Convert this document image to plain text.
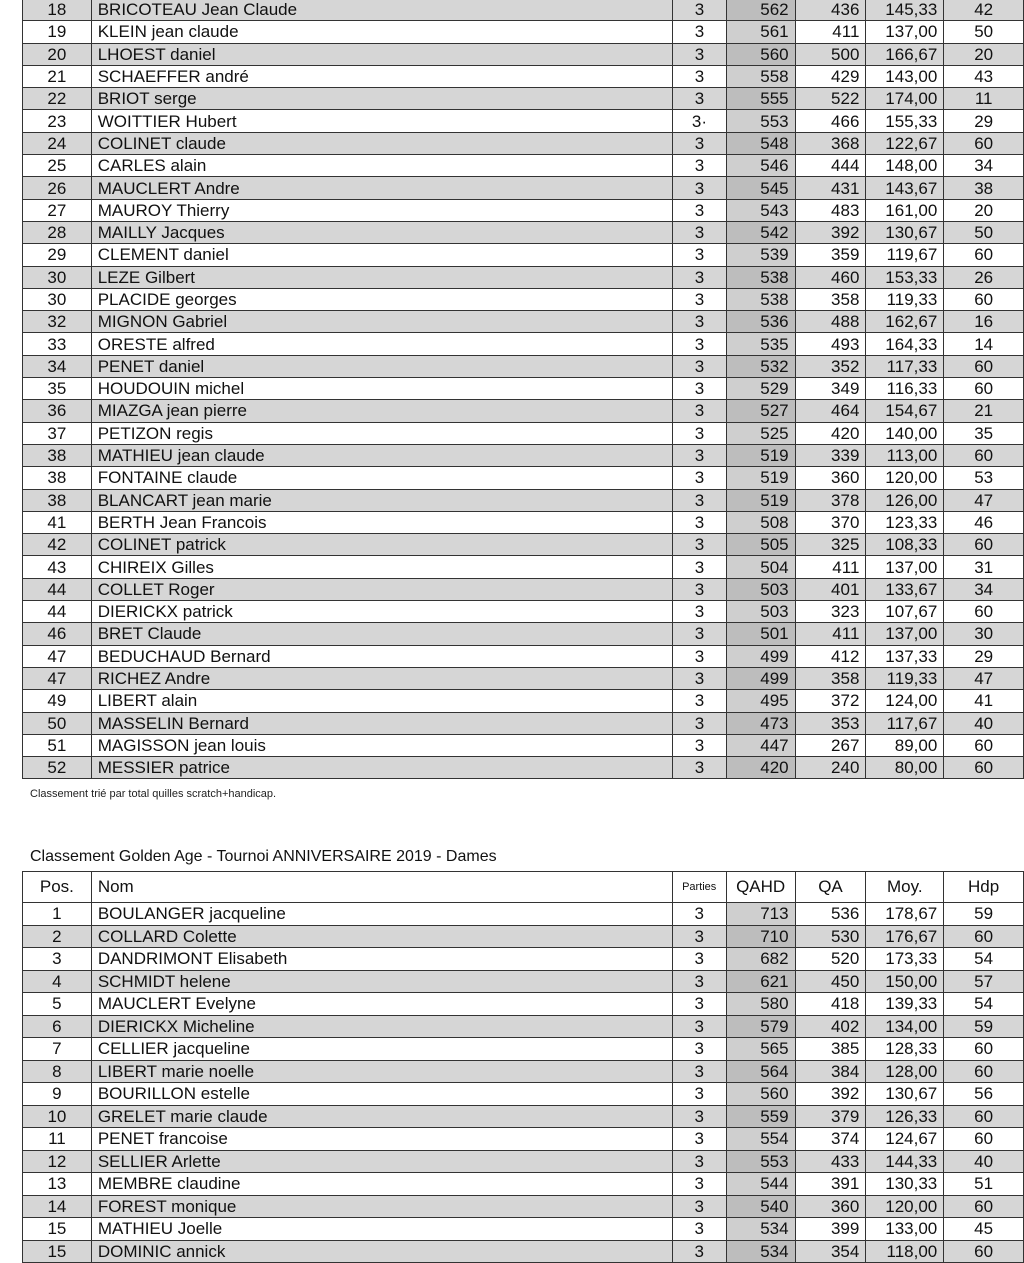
18	BRICOTEAU Jean Claude	3	562	436	145,33	42
19	KLEIN jean claude	3	561	411	137,00	50
20	LHOEST daniel	3	560	500	166,67	20
21	SCHAEFFER andré	3	558	429	143,00	43
22	BRIOT serge	3	555	522	174,00	11
23	WOITTIER Hubert	3·	553	466	155,33	29
24	COLINET claude	3	548	368	122,67	60
25	CARLES alain	3	546	444	148,00	34
26	MAUCLERT Andre	3	545	431	143,67	38
27	MAUROY Thierry	3	543	483	161,00	20
28	MAILLY Jacques	3	542	392	130,67	50
29	CLEMENT daniel	3	539	359	119,67	60
30	LEZE Gilbert	3	538	460	153,33	26
30	PLACIDE georges	3	538	358	119,33	60
32	MIGNON Gabriel	3	536	488	162,67	16
33	ORESTE alfred	3	535	493	164,33	14
34	PENET daniel	3	532	352	117,33	60
35	HOUDOUIN michel	3	529	349	116,33	60
36	MIAZGA jean pierre	3	527	464	154,67	21
37	PETIZON regis	3	525	420	140,00	35
38	MATHIEU jean claude	3	519	339	113,00	60
38	FONTAINE claude	3	519	360	120,00	53
38	BLANCART jean marie	3	519	378	126,00	47
41	BERTH Jean Francois	3	508	370	123,33	46
42	COLINET patrick	3	505	325	108,33	60
43	CHIREIX Gilles	3	504	411	137,00	31
44	COLLET Roger	3	503	401	133,67	34
44	DIERICKX patrick	3	503	323	107,67	60
46	BRET Claude	3	501	411	137,00	30
47	BEDUCHAUD Bernard	3	499	412	137,33	29
47	RICHEZ Andre	3	499	358	119,33	47
49	LIBERT alain	3	495	372	124,00	41
50	MASSELIN Bernard	3	473	353	117,67	40
51	MAGISSON jean louis	3	447	267	89,00	60
52	MESSIER patrice	3	420	240	80,00	60
Classement trié par total quilles scratch+handicap.
Classement Golden Age - Tournoi ANNIVERSAIRE 2019 - Dames
Pos.	Nom	Parties	QAHD	QA	Moy.	Hdp
1	BOULANGER jacqueline	3	713	536	178,67	59
2	COLLARD Colette	3	710	530	176,67	60
3	DANDRIMONT Elisabeth	3	682	520	173,33	54
4	SCHMIDT helene	3	621	450	150,00	57
5	MAUCLERT Evelyne	3	580	418	139,33	54
6	DIERICKX Micheline	3	579	402	134,00	59
7	CELLIER jacqueline	3	565	385	128,33	60
8	LIBERT marie noelle	3	564	384	128,00	60
9	BOURILLON estelle	3	560	392	130,67	56
10	GRELET marie claude	3	559	379	126,33	60
11	PENET francoise	3	554	374	124,67	60
12	SELLIER Arlette	3	553	433	144,33	40
13	MEMBRE claudine	3	544	391	130,33	51
14	FOREST monique	3	540	360	120,00	60
15	MATHIEU Joelle	3	534	399	133,00	45
15	DOMINIC annick	3	534	354	118,00	60
